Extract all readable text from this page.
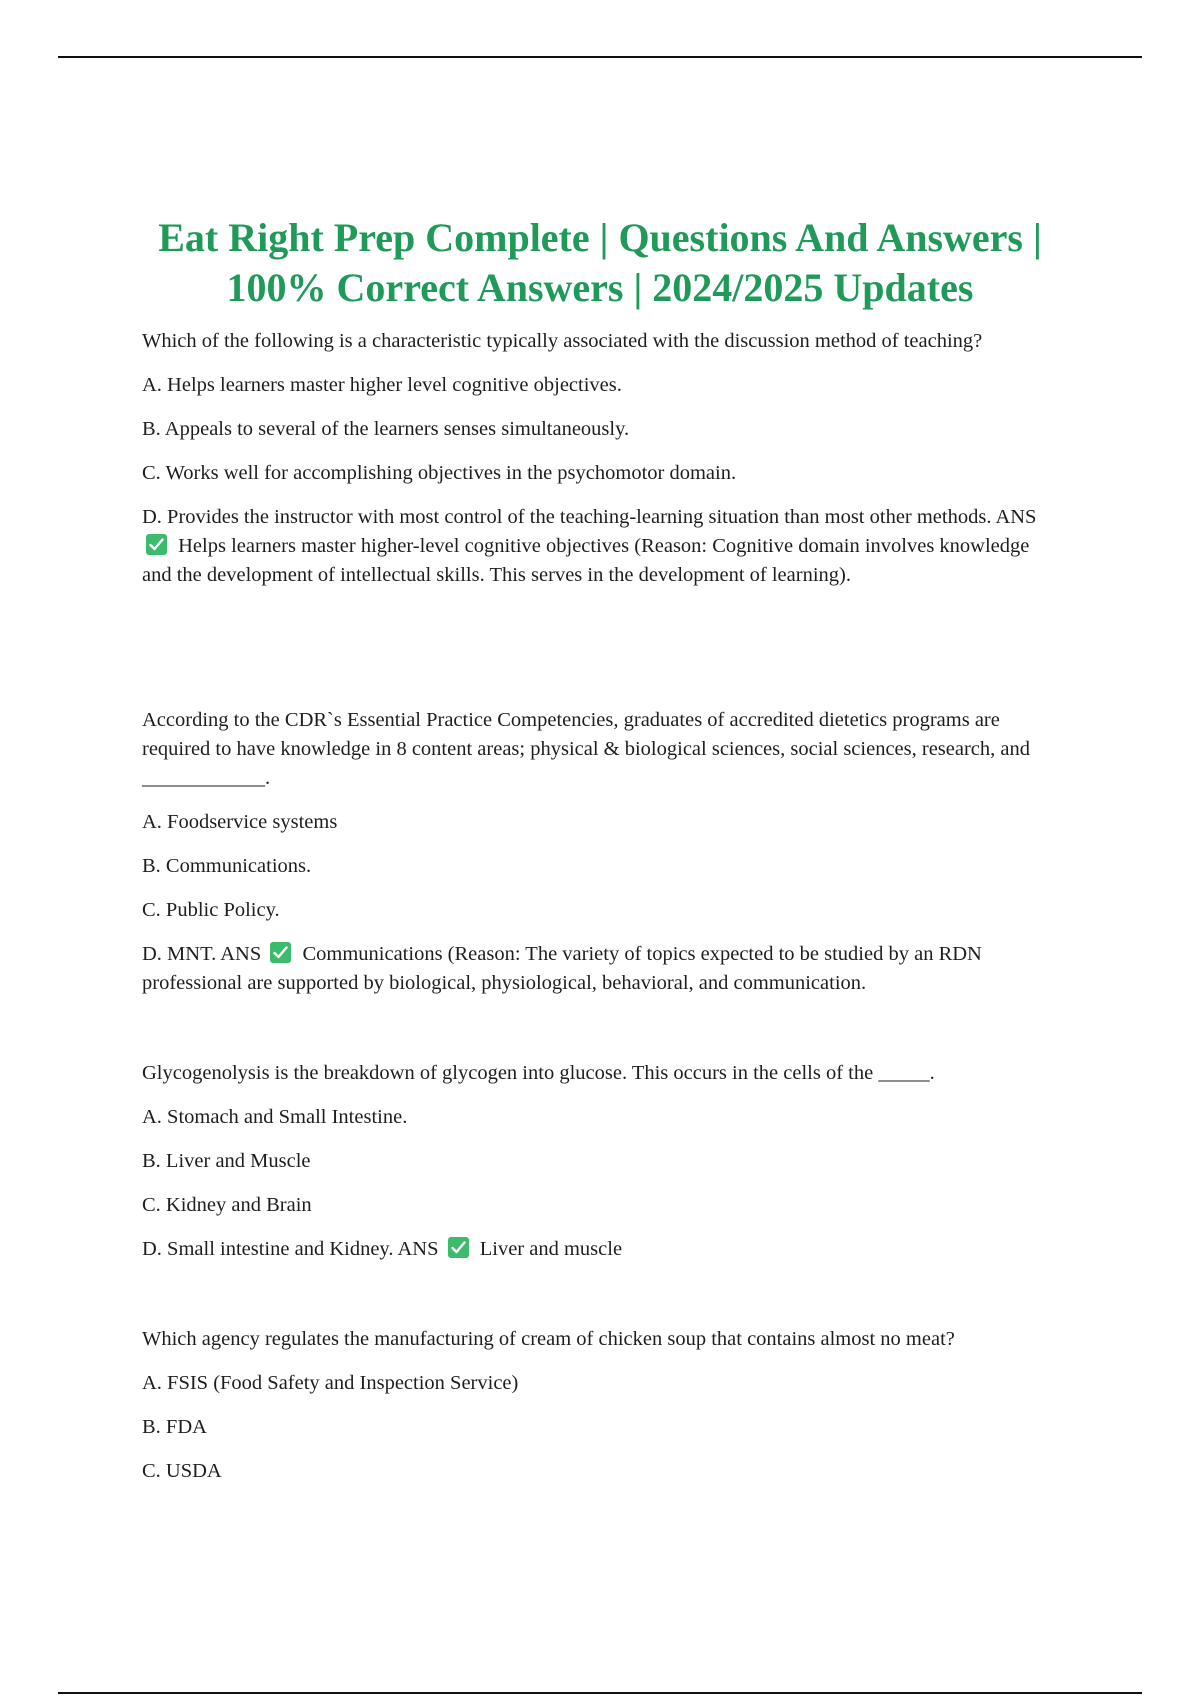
Eat Right Prep Complete | Questions And Answers |
100% Correct Answers | 2024/2025 Updates

Which of the following is a characteristic typically associated with the discussion method of teaching?

A. Helps learners master higher level cognitive objectives.

B. Appeals to several of the learners senses simultaneously.

C. Works well for accomplishing objectives in the psychomotor domain.

D. Provides the instructor with most control of the teaching-learning situation than most other methods. ANS
Helps learners master higher-level cognitive objectives (Reason: Cognitive domain involves knowledge and the development of intellectual skills. This serves in the development of learning).

According to the CDR`s Essential Practice Competencies, graduates of accredited dietetics programs are required to have knowledge in 8 content areas; physical & biological sciences, social sciences, research, and ____________.

A. Foodservice systems

B. Communications.

C. Public Policy.

D. MNT. ANS Communications (Reason: The variety of topics expected to be studied by an RDN professional are supported by biological, physiological, behavioral, and communication.

Glycogenolysis is the breakdown of glycogen into glucose. This occurs in the cells of the _____.

A. Stomach and Small Intestine.

B. Liver and Muscle

C. Kidney and Brain

D. Small intestine and Kidney. ANS Liver and muscle

Which agency regulates the manufacturing of cream of chicken soup that contains almost no meat?

A. FSIS (Food Safety and Inspection Service)

B. FDA

C. USDA
